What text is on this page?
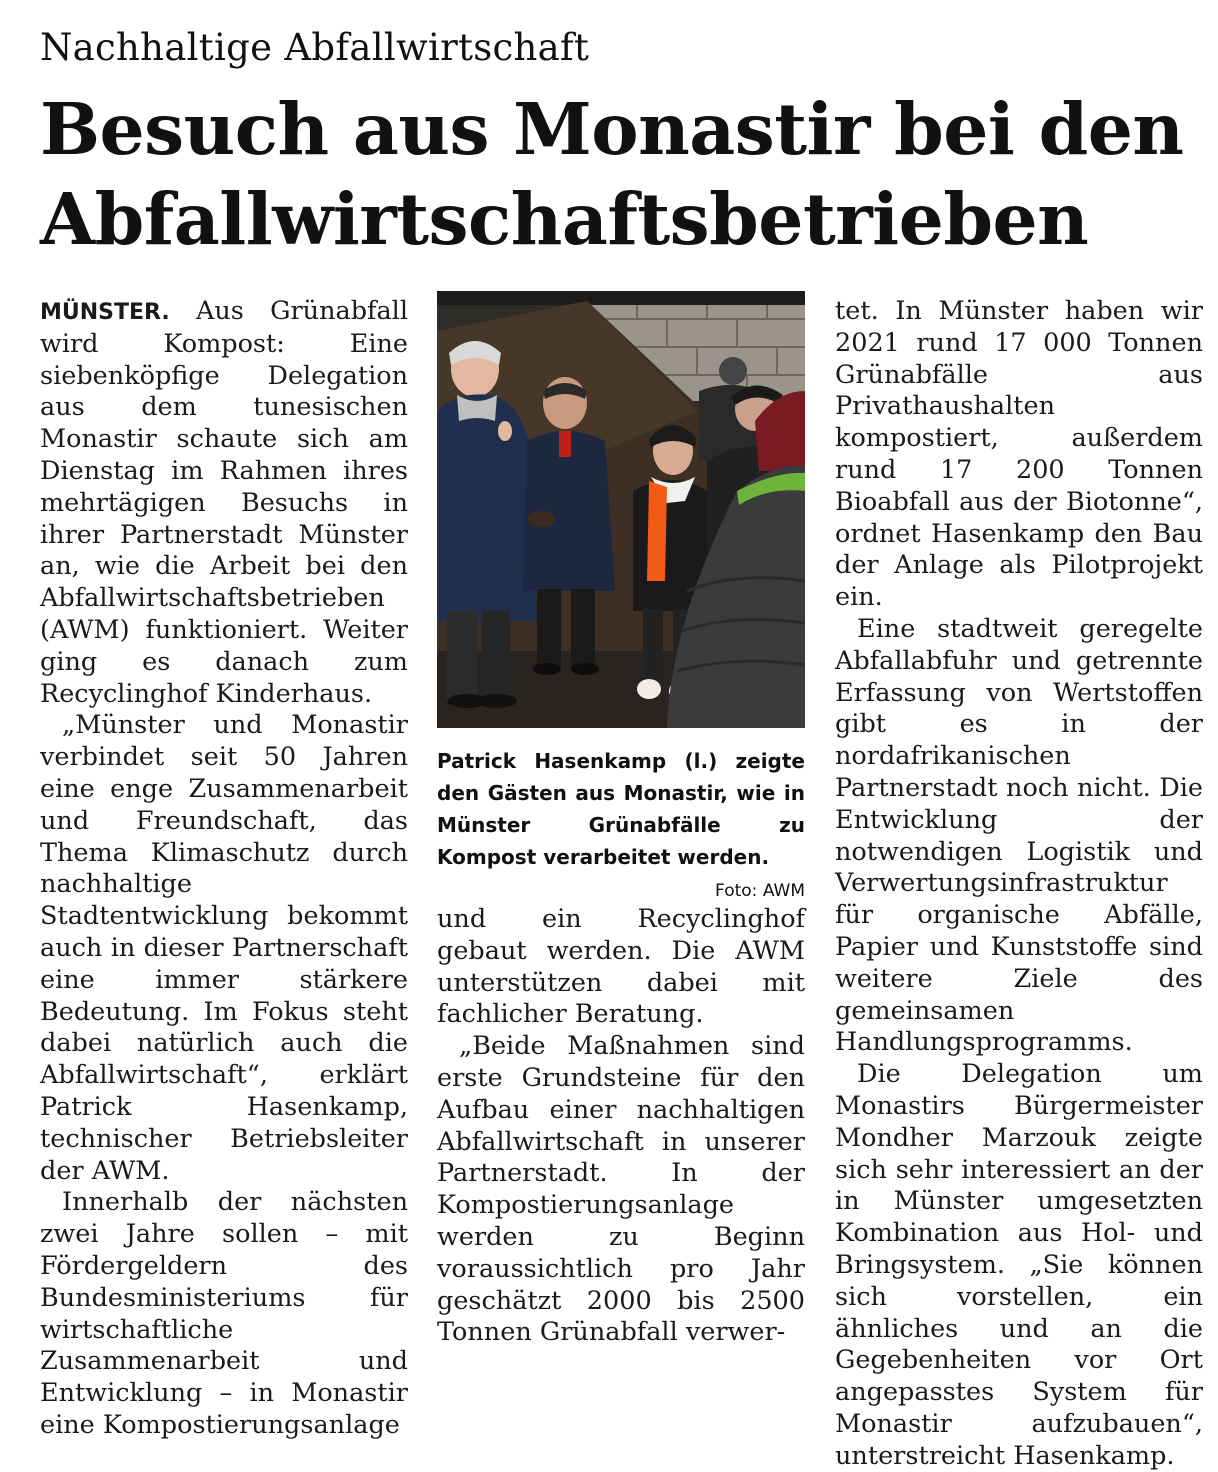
Nachhaltige Abfallwirtschaft
Besuch aus Monastir bei den Abfallwirtschaftsbetrieben

MÜNSTER. Aus Grünabfall wird Kompost: Eine siebenköpfige Delegation aus dem tunesischen Monastir schaute sich am Dienstag im Rahmen ihres mehrtägigen Besuchs in ihrer Partnerstadt Münster an, wie die Arbeit bei den Abfallwirtschaftsbetrieben (AWM) funktioniert. Weiter ging es danach zum Recyclinghof Kinderhaus.

„Münster und Monastir verbindet seit 50 Jahren eine enge Zusammenarbeit und Freundschaft, das Thema Klimaschutz durch nachhaltige Stadtentwicklung bekommt auch in dieser Partnerschaft eine immer stärkere Bedeutung. Im Fokus steht dabei natürlich auch die Abfallwirtschaft“, erklärt Patrick Hasenkamp, technischer Betriebsleiter der AWM.

Innerhalb der nächsten zwei Jahre sollen – mit Fördergeldern des Bundesministeriums für wirtschaftliche Zusammenarbeit und Entwicklung – in Monastir eine Kompostierungsanlage

Patrick Hasenkamp (l.) zeigte den Gästen aus Monastir, wie in Münster Grünabfälle zu Kompost verarbeitet werden.
Foto: AWM

und ein Recyclinghof gebaut werden. Die AWM unterstützen dabei mit fachlicher Beratung.

„Beide Maßnahmen sind erste Grundsteine für den Aufbau einer nachhaltigen Abfallwirtschaft in unserer Partnerstadt. In der Kompostierungsanlage werden zu Beginn voraussichtlich pro Jahr geschätzt 2000 bis 2500 Tonnen Grünabfall verwer-

tet. In Münster haben wir 2021 rund 17 000 Tonnen Grünabfälle aus Privathaushalten kompostiert, außerdem rund 17 200 Tonnen Bioabfall aus der Biotonne“, ordnet Hasenkamp den Bau der Anlage als Pilotprojekt ein.

Eine stadtweit geregelte Abfallabfuhr und getrennte Erfassung von Wertstoffen gibt es in der nordafrikanischen Partnerstadt noch nicht. Die Entwicklung der notwendigen Logistik und Verwertungsinfrastruktur für organische Abfälle, Papier und Kunststoffe sind weitere Ziele des gemeinsamen Handlungsprogramms.

Die Delegation um Monastirs Bürgermeister Mondher Marzouk zeigte sich sehr interessiert an der in Münster umgesetzten Kombination aus Hol- und Bringsystem. „Sie können sich vorstellen, ein ähnliches und an die Gegebenheiten vor Ort angepasstes System für Monastir aufzubauen“, unterstreicht Hasenkamp.
